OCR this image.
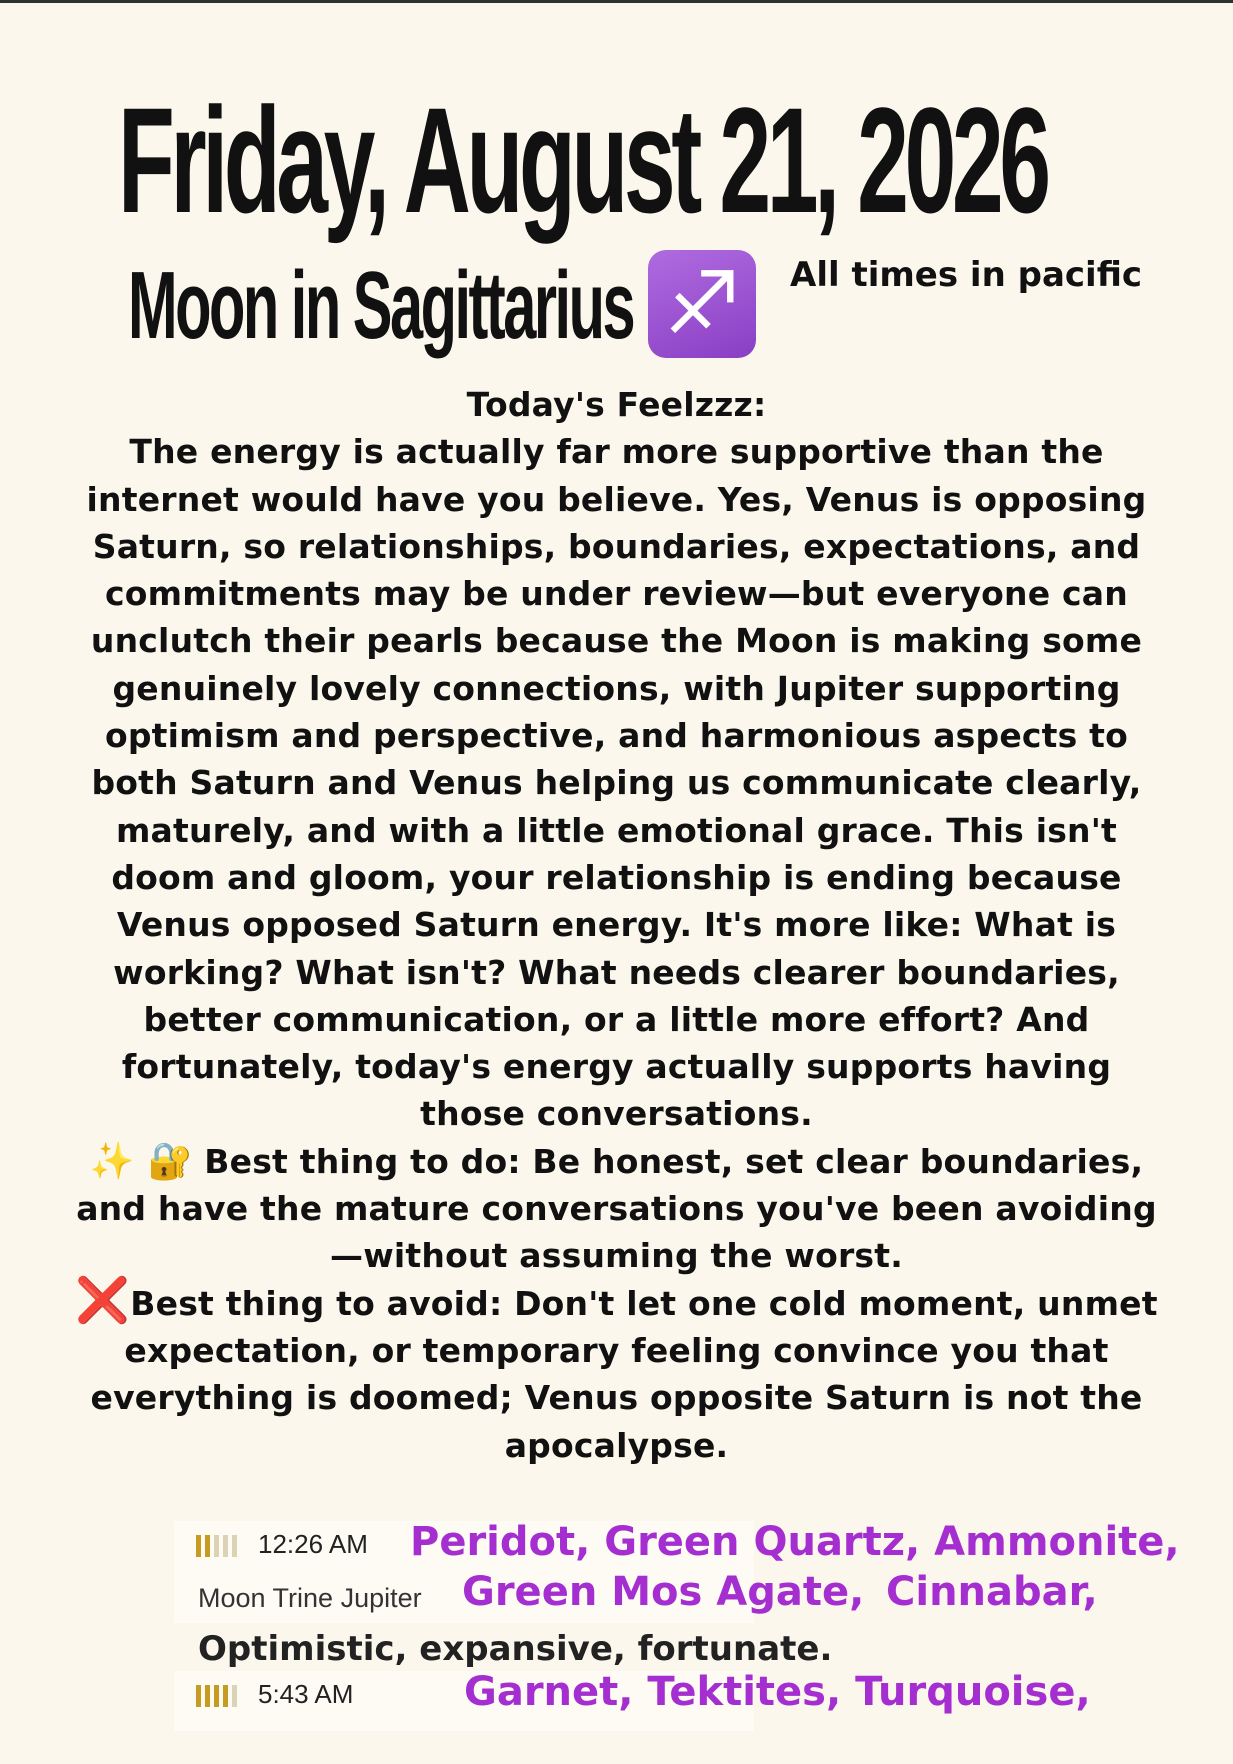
Friday, August 21, 2026
Moon in Sagittarius ♐	All times in pacific

Today's Feelzzz:

The energy is actually far more supportive than the internet would have you believe. Yes, Venus is opposing Saturn, so relationships, boundaries, expectations, and commitments may be under review—but everyone can unclutch their pearls because the Moon is making some genuinely lovely connections, with Jupiter supporting optimism and perspective, and harmonious aspects to both Saturn and Venus helping us communicate clearly, maturely, and with a little emotional grace. This isn't doom and gloom, your relationship is ending because Venus opposed Saturn energy. It's more like: What is working? What isn't? What needs clearer boundaries, better communication, or a little more effort? And fortunately, today's energy actually supports having those conversations.

✨ 🔐 Best thing to do: Be honest, set clear boundaries, and have the mature conversations you've been avoiding—without assuming the worst.

❌Best thing to avoid: Don't let one cold moment, unmet expectation, or temporary feeling convince you that everything is doomed; Venus opposite Saturn is not the apocalypse.

12:26 AM Peridot, Green Quartz, Ammonite,
Moon Trine Jupiter Green Mos Agate, Cinnabar,
Optimistic, expansive, fortunate.
5:43 AM	Garnet, Tektites, Turquoise,
